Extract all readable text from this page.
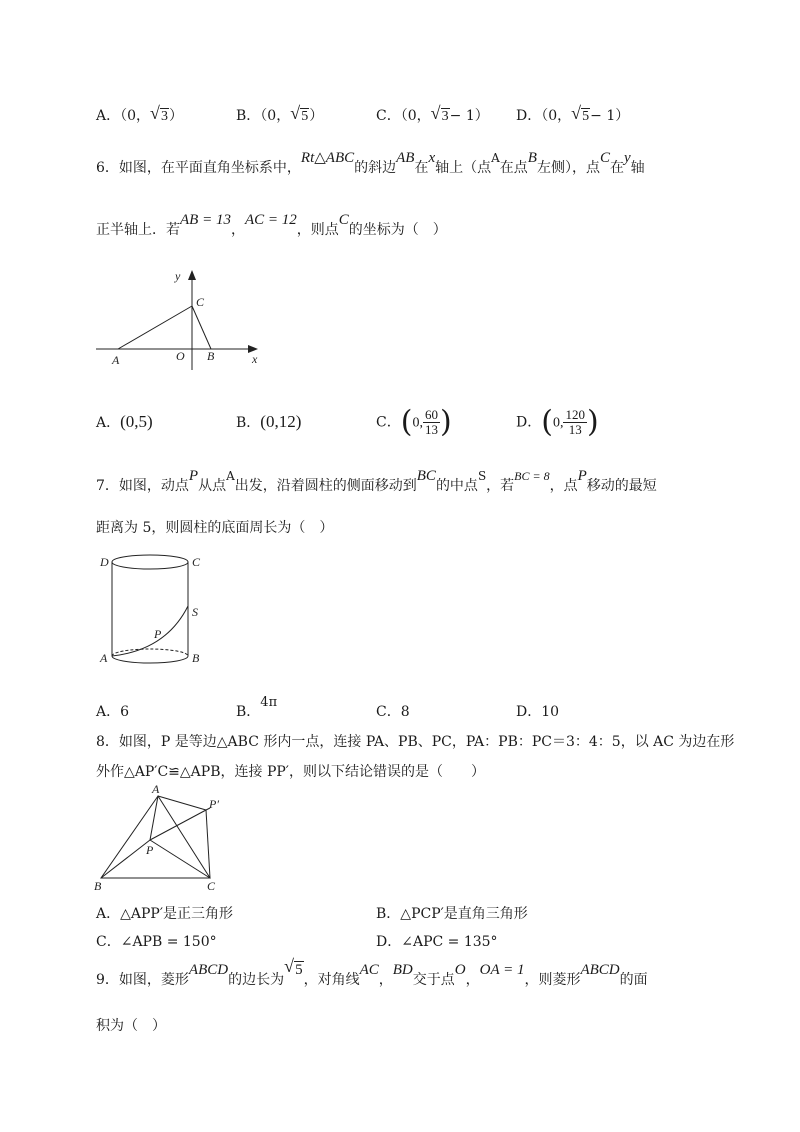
A．（0， √ 3）	B．（0， √ 5）	C．（0， √ 3− 1）	D．（0， √ 5− 1）
6．如图，在平面直角坐标系中，Rt△ABC的斜边AB在x轴上（点A在点B左侧），点C在y轴
正半轴上．若AB = 13，AC = 12，则点C的坐标为（　）
y
C
A	O B	x
A．(0,5)	B．(0,12)	C．(0, $\frac{60}{13}$ )	D．(0, $\frac{120}{13}$ )
7．如图，动点P从点A出发，沿着圆柱的侧面移动到BC的中点S，若BC = 8，点P移动的最短
距离为 5，则圆柱的底面周长为（　）
D	C
S
P
A	B
A．6	B．4π
C．8	D．10
8．如图，P 是等边△ABC 形内一点，连接 PA、PB、PC，PA：PB：PC＝3：4：5，以 AC 为边在形
外作△AP′C≌△APB，连接 PP′，则以下结论错误的是（　　）
A
P′
P
B	C
A．△APP′是正三角形	B．△PCP′是直角三角形
C．∠APB = 150°	D．∠APC = 135°
9．如图，菱形ABCD的边长为√ 5，对角线AC，BD交于点O，OA = 1，则菱形ABCD的面
积为（　）
